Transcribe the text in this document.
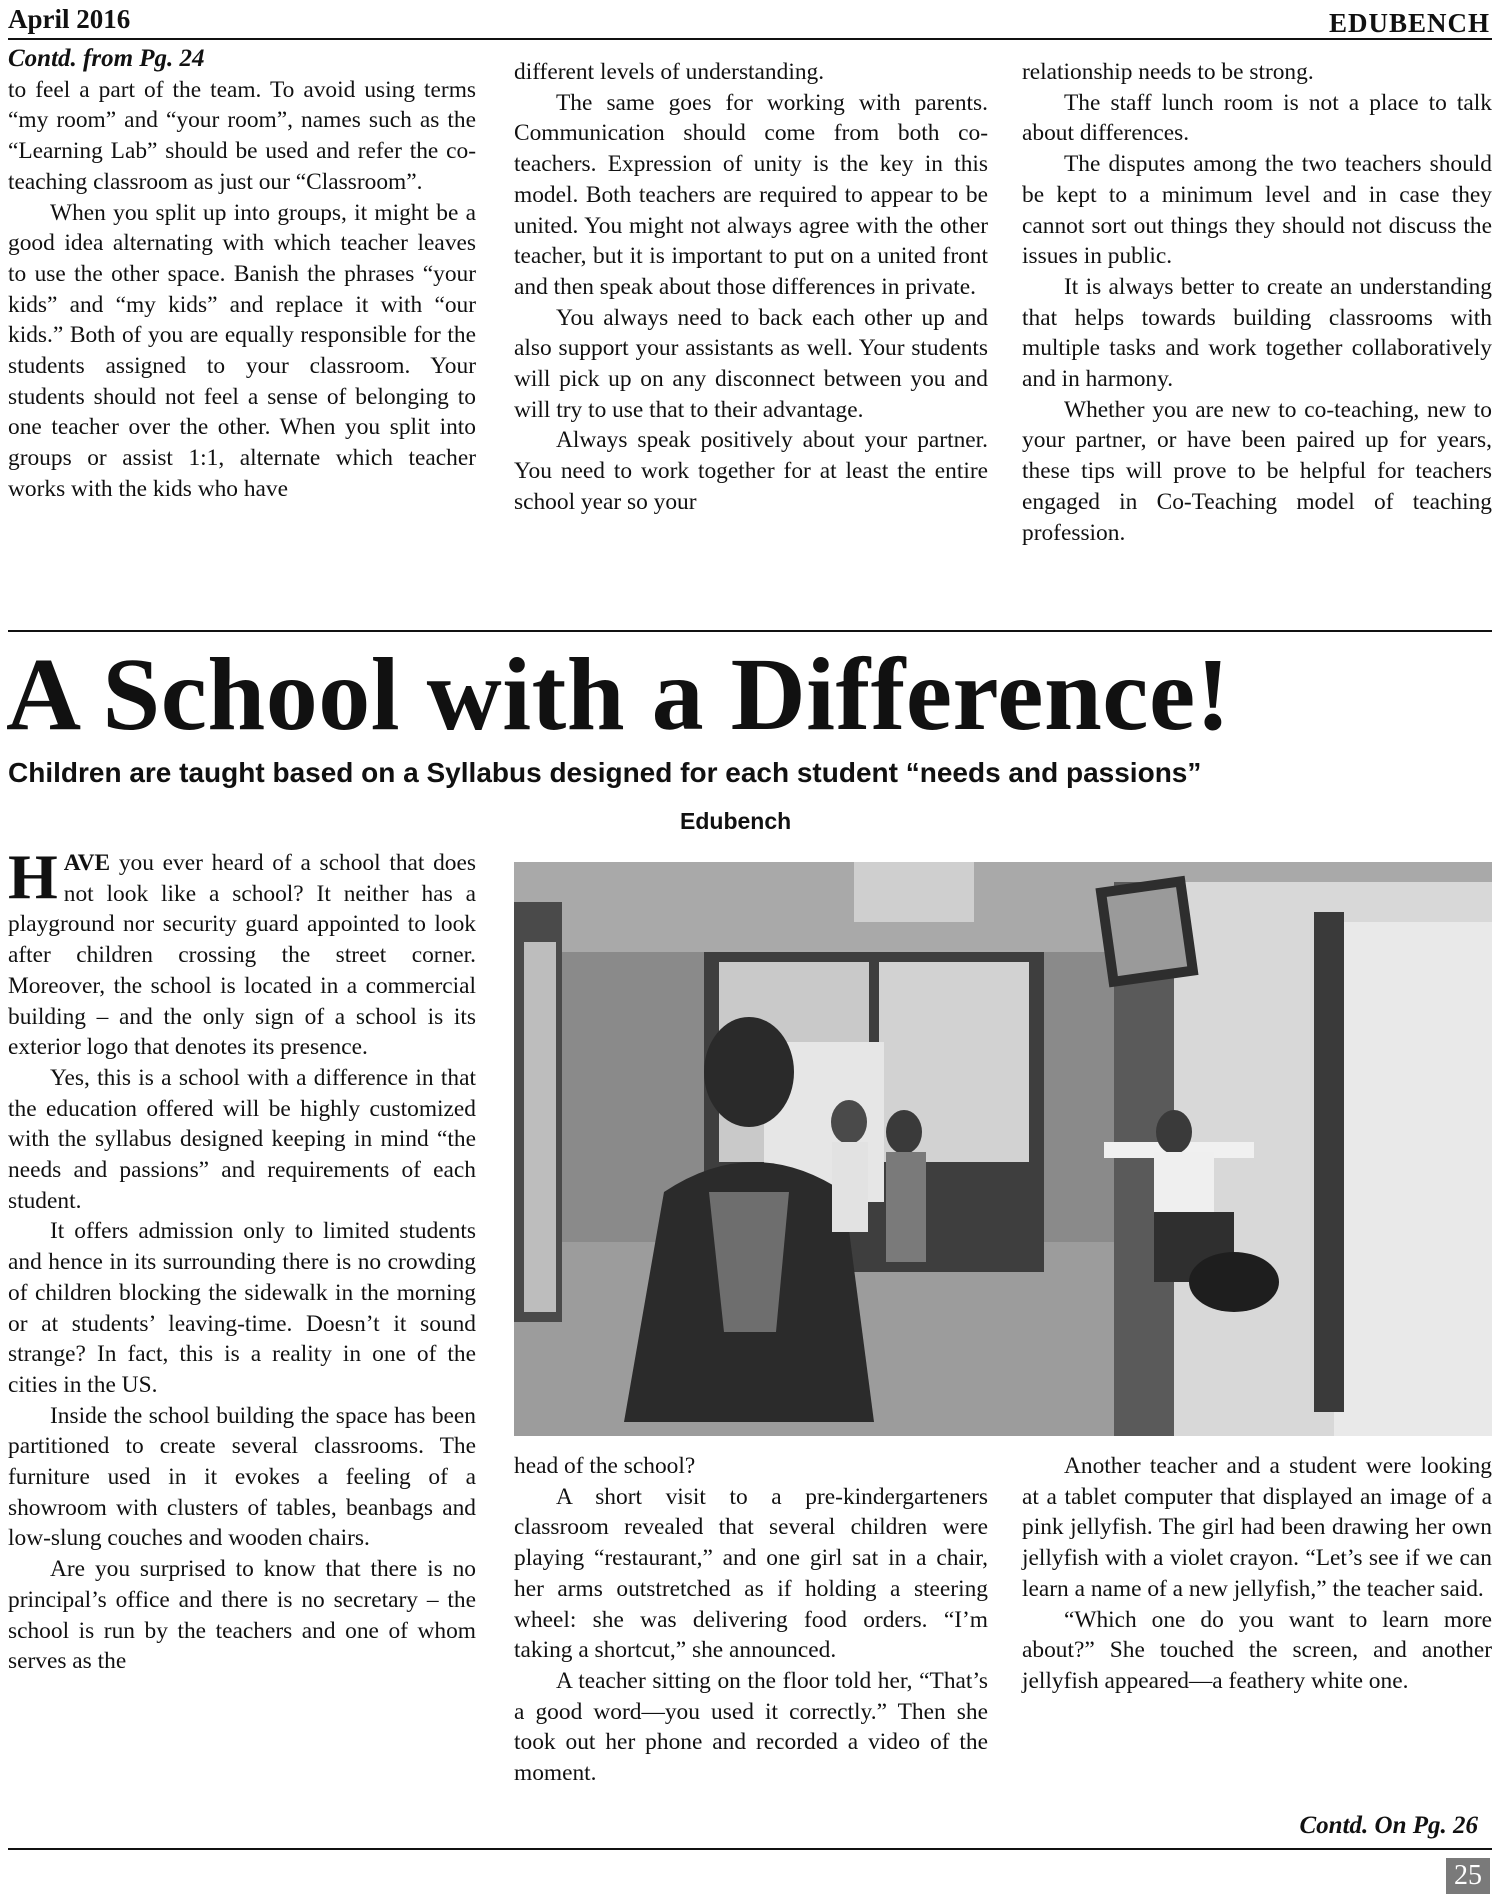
April 2016	EDUBENCH
Contd. from Pg. 24

to feel a part of the team. To avoid using terms “my room” and “your room”, names such as the “Learning Lab” should be used and refer the co-teaching classroom as just our “Classroom”.

When you split up into groups, it might be a good idea alternating with which teacher leaves to use the other space. Banish the phrases “your kids” and “my kids” and replace it with “our kids.” Both of you are equally responsible for the students assigned to your classroom. Your students should not feel a sense of belonging to one teacher over the other. When you split into groups or assist 1:1, alternate which teacher works with the kids who have

different levels of understanding.

The same goes for working with parents. Communication should come from both co-teachers. Expression of unity is the key in this model. Both teachers are required to appear to be united. You might not always agree with the other teacher, but it is important to put on a united front and then speak about those differences in private.

You always need to back each other up and also support your assistants as well. Your students will pick up on any disconnect between you and will try to use that to their advantage.

Always speak positively about your partner. You need to work together for at least the entire school year so your

relationship needs to be strong.

The staff lunch room is not a place to talk about differences.

The disputes among the two teachers should be kept to a minimum level and in case they cannot sort out things they should not discuss the issues in public.

It is always better to create an understanding that helps towards building classrooms with multiple tasks and work together collaboratively and in harmony.

Whether you are new to co-teaching, new to your partner, or have been paired up for years, these tips will prove to be helpful for teachers engaged in Co-Teaching model of teaching profession.

A School with a Difference!
Children are taught based on a Syllabus designed for each student “needs and passions”
Edubench

HAVE you ever heard of a school that does not look like a school? It neither has a playground nor security guard appointed to look after children crossing the street corner. Moreover, the school is located in a commercial building – and the only sign of a school is its exterior logo that denotes its presence.

Yes, this is a school with a difference in that the education offered will be highly customized with the syllabus designed keeping in mind “the needs and passions” and requirements of each student.

It offers admission only to limited students and hence in its surrounding there is no crowding of children blocking the sidewalk in the morning or at students’ leaving-time. Doesn’t it sound strange? In fact, this is a reality in one of the cities in the US.

Inside the school building the space has been partitioned to create several classrooms. The furniture used in it evokes a feeling of a showroom with clusters of tables, beanbags and low-slung couches and wooden chairs.

Are you surprised to know that there is no principal’s office and there is no secretary – the school is run by the teachers and one of whom serves as the

head of the school?

A short visit to a pre-kindergarteners classroom revealed that several children were playing “restaurant,” and one girl sat in a chair, her arms outstretched as if holding a steering wheel: she was delivering food orders. “I’m taking a shortcut,” she announced.

A teacher sitting on the floor told her, “That’s a good word—you used it correctly.” Then she took out her phone and recorded a video of the moment.

Another teacher and a student were looking at a tablet computer that displayed an image of a pink jellyfish. The girl had been drawing her own jellyfish with a violet crayon. “Let’s see if we can learn a name of a new jellyfish,” the teacher said.

“Which one do you want to learn more about?” She touched the screen, and another jellyfish appeared—a feathery white one.

Contd. On Pg. 26
25
